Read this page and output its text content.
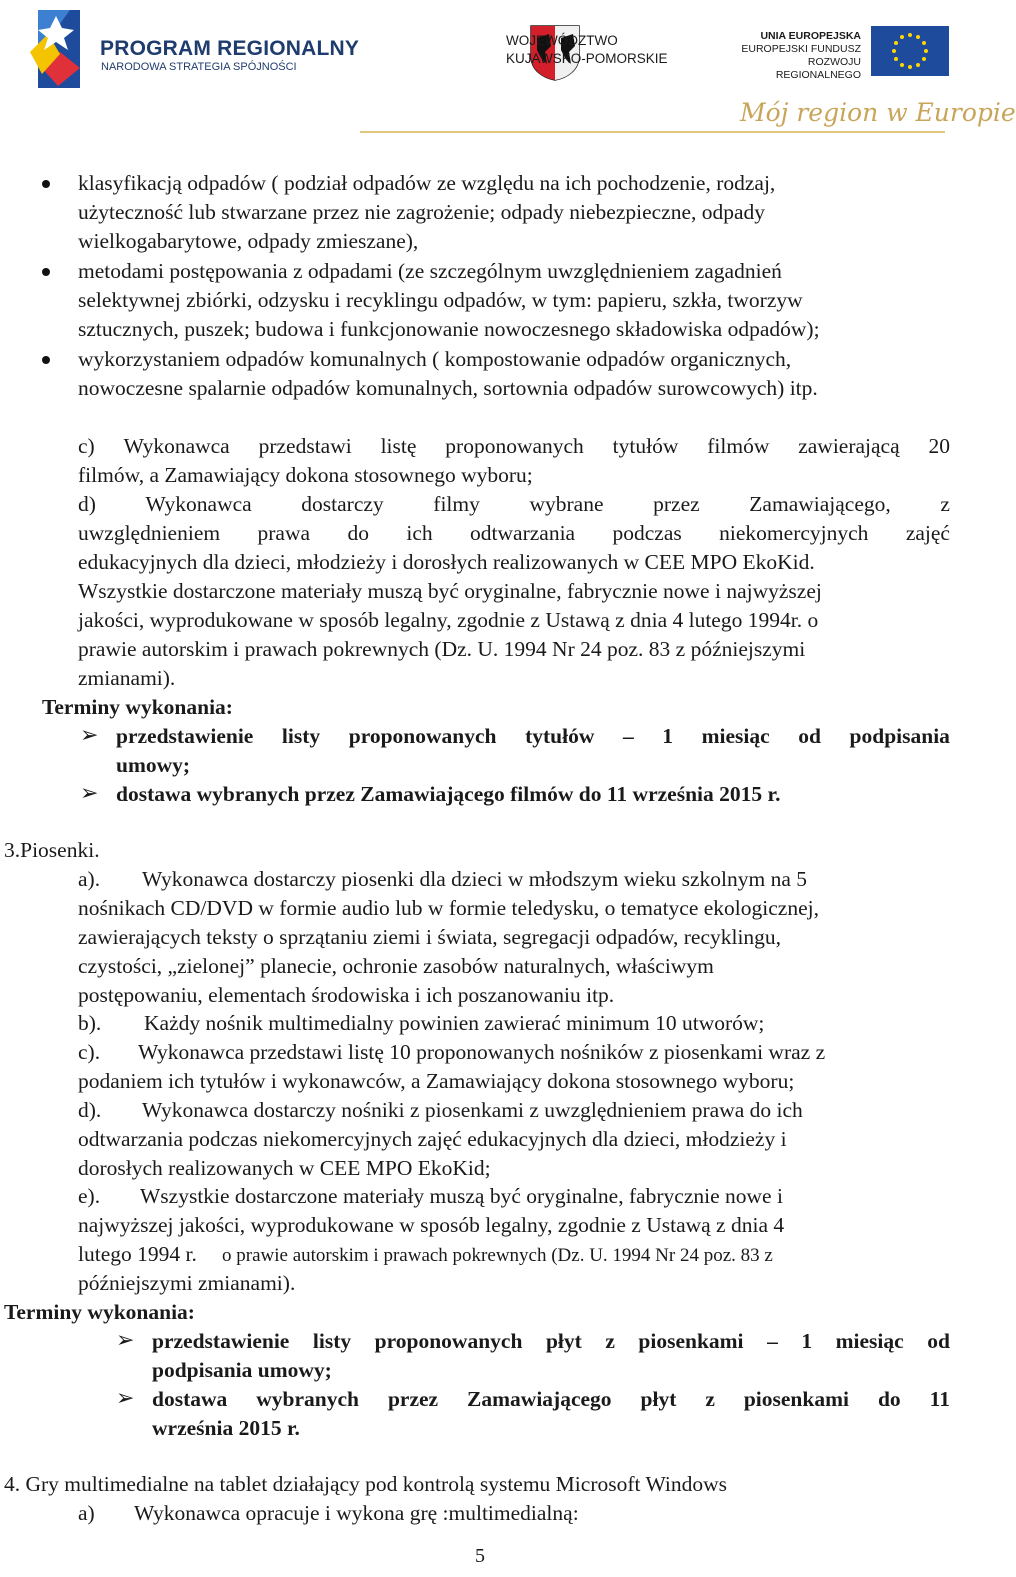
PROGRAM REGIONALNY
NARODOWA STRATEGIA SPÓJNOŚCI
WOJEWÓDZTWO
KUJAWSKO-POMORSKIE
UNIA EUROPEJSKA
EUROPEJSKI FUNDUSZ
ROZWOJU REGIONALNEGO
Mój region w Europie
klasyfikacją odpadów ( podział odpadów ze względu na ich pochodzenie, rodzaj,
użyteczność lub stwarzane przez nie zagrożenie; odpady niebezpieczne, odpady
wielkogabarytowe, odpady zmieszane),
metodami postępowania z odpadami (ze szczególnym uwzględnieniem zagadnień
selektywnej zbiórki, odzysku i recyklingu odpadów, w tym: papieru, szkła, tworzyw
sztucznych, puszek; budowa i funkcjonowanie nowoczesnego składowiska odpadów);
wykorzystaniem odpadów komunalnych ( kompostowanie odpadów organicznych,
nowoczesne spalarnie odpadów komunalnych, sortownia odpadów surowcowych) itp.
c) Wykonawca przedstawi listę proponowanych tytułów filmów zawierającą 20
filmów, a Zamawiający dokona stosownego wyboru;
d) Wykonawca dostarczy filmy wybrane przez Zamawiającego, z
uwzględnieniem prawa do ich odtwarzania podczas niekomercyjnych zajęć
edukacyjnych dla dzieci, młodzieży i dorosłych realizowanych w CEE MPO EkoKid.
Wszystkie dostarczone materiały muszą być oryginalne, fabrycznie nowe i najwyższej
jakości, wyprodukowane w sposób legalny, zgodnie z Ustawą z dnia 4 lutego 1994r. o
prawie autorskim i prawach pokrewnych (Dz. U. 1994 Nr 24 poz. 83 z późniejszymi
zmianami).
Terminy wykonania:
➢ przedstawienie listy proponowanych tytułów – 1 miesiąc od podpisania
umowy;
➢ dostawa wybranych przez Zamawiającego filmów do 11 września 2015 r.
3.Piosenki.
a). Wykonawca dostarczy piosenki dla dzieci w młodszym wieku szkolnym na 5
nośnikach CD/DVD w formie audio lub w formie teledysku, o tematyce ekologicznej,
zawierających teksty o sprzątaniu ziemi i świata, segregacji odpadów, recyklingu,
czystości, „zielonej” planecie, ochronie zasobów naturalnych, właściwym
postępowaniu, elementach środowiska i ich poszanowaniu itp.
b). Każdy nośnik multimedialny powinien zawierać minimum 10 utworów;
c). Wykonawca przedstawi listę 10 proponowanych nośników z piosenkami wraz z
podaniem ich tytułów i wykonawców, a Zamawiający dokona stosownego wyboru;
d). Wykonawca dostarczy nośniki z piosenkami z uwzględnieniem prawa do ich
odtwarzania podczas niekomercyjnych zajęć edukacyjnych dla dzieci, młodzieży i
dorosłych realizowanych w CEE MPO EkoKid;
e). Wszystkie dostarczone materiały muszą być oryginalne, fabrycznie nowe i
najwyższej jakości, wyprodukowane w sposób legalny, zgodnie z Ustawą z dnia 4
lutego 1994 r. o prawie autorskim i prawach pokrewnych (Dz. U. 1994 Nr 24 poz. 83 z
późniejszymi zmianami).
Terminy wykonania:
➢ przedstawienie listy proponowanych płyt z piosenkami – 1 miesiąc od
podpisania umowy;
➢ dostawa wybranych przez Zamawiającego płyt z piosenkami do 11
września 2015 r.
4. Gry multimedialne na tablet działający pod kontrolą systemu Microsoft Windows
a) Wykonawca opracuje i wykona grę :multimedialną:
5
